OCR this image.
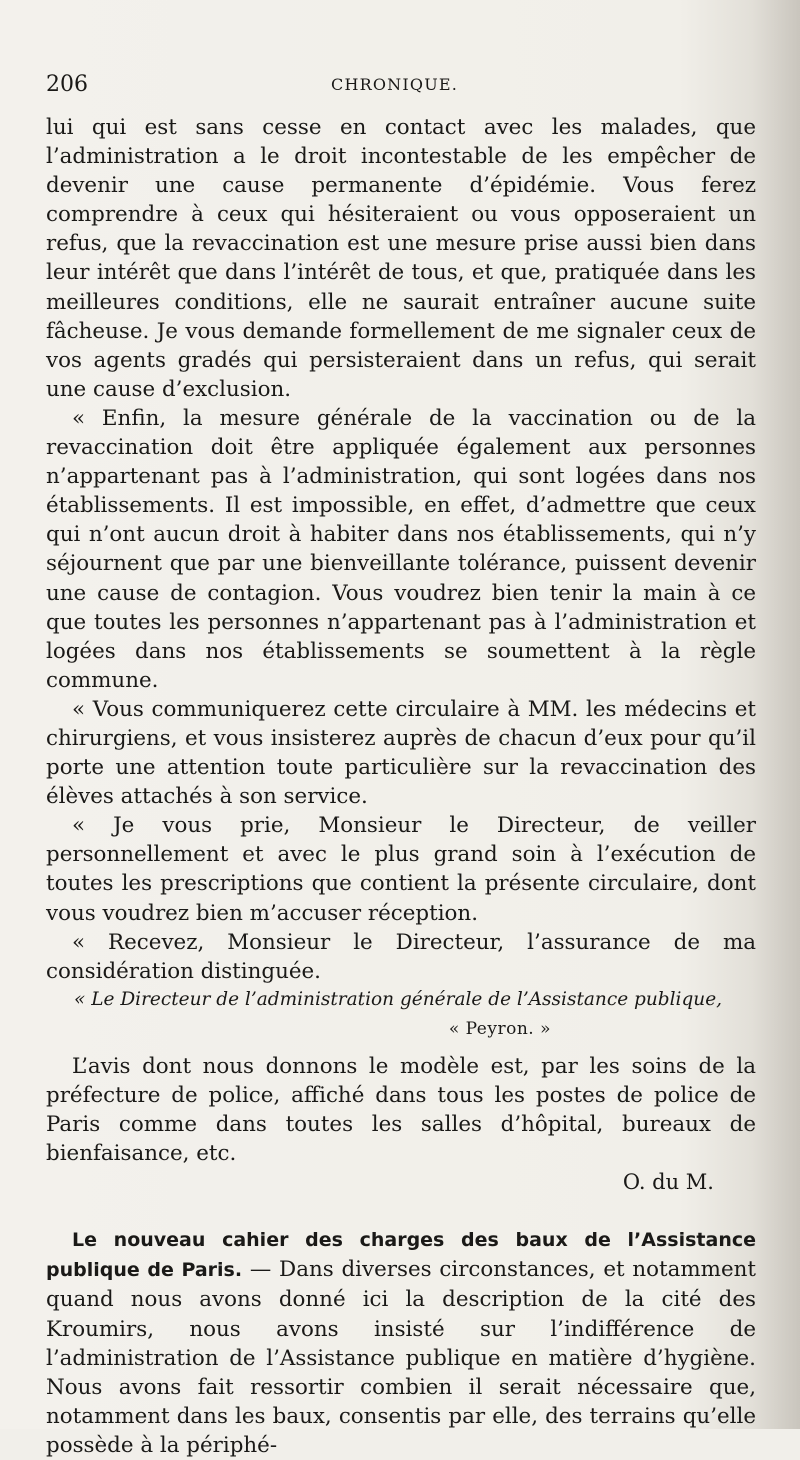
206	CHRONIQUE.

lui qui est sans cesse en contact avec les malades, que l’administration a le droit incontestable de les empêcher de devenir une cause permanente d’épidémie. Vous ferez comprendre à ceux qui hésiteraient ou vous opposeraient un refus, que la revaccination est une mesure prise aussi bien dans leur intérêt que dans l’intérêt de tous, et que, pratiquée dans les meilleures conditions, elle ne saurait entraîner aucune suite fâcheuse. Je vous demande formellement de me signaler ceux de vos agents gradés qui persisteraient dans un refus, qui serait une cause d’exclusion.

« Enfin, la mesure générale de la vaccination ou de la revaccination doit être appliquée également aux personnes n’appartenant pas à l’administration, qui sont logées dans nos établissements. Il est impossible, en effet, d’admettre que ceux qui n’ont aucun droit à habiter dans nos établissements, qui n’y séjournent que par une bienveillante tolérance, puissent devenir une cause de contagion. Vous voudrez bien tenir la main à ce que toutes les personnes n’appartenant pas à l’administration et logées dans nos établissements se soumettent à la règle commune.

« Vous communiquerez cette circulaire à MM. les médecins et chirurgiens, et vous insisterez auprès de chacun d’eux pour qu’il porte une attention toute particulière sur la revaccination des élèves attachés à son service.

« Je vous prie, Monsieur le Directeur, de veiller personnellement et avec le plus grand soin à l’exécution de toutes les prescriptions que contient la présente circulaire, dont vous voudrez bien m’accuser réception.

« Recevez, Monsieur le Directeur, l’assurance de ma considération distinguée.

« Le Directeur de l’administration générale de l’Assistance publique,

« Peyron. »

L’avis dont nous donnons le modèle est, par les soins de la préfecture de police, affiché dans tous les postes de police de Paris comme dans toutes les salles d’hôpital, bureaux de bienfaisance, etc.

O. du M.

Le nouveau cahier des charges des baux de l’Assistance publique de Paris. — Dans diverses circonstances, et notamment quand nous avons donné ici la description de la cité des Kroumirs, nous avons insisté sur l’indifférence de l’administration de l’Assistance publique en matière d’hygiène. Nous avons fait ressortir combien il serait nécessaire que, notamment dans les baux, consentis par elle, des terrains qu’elle possède à la périphé-
